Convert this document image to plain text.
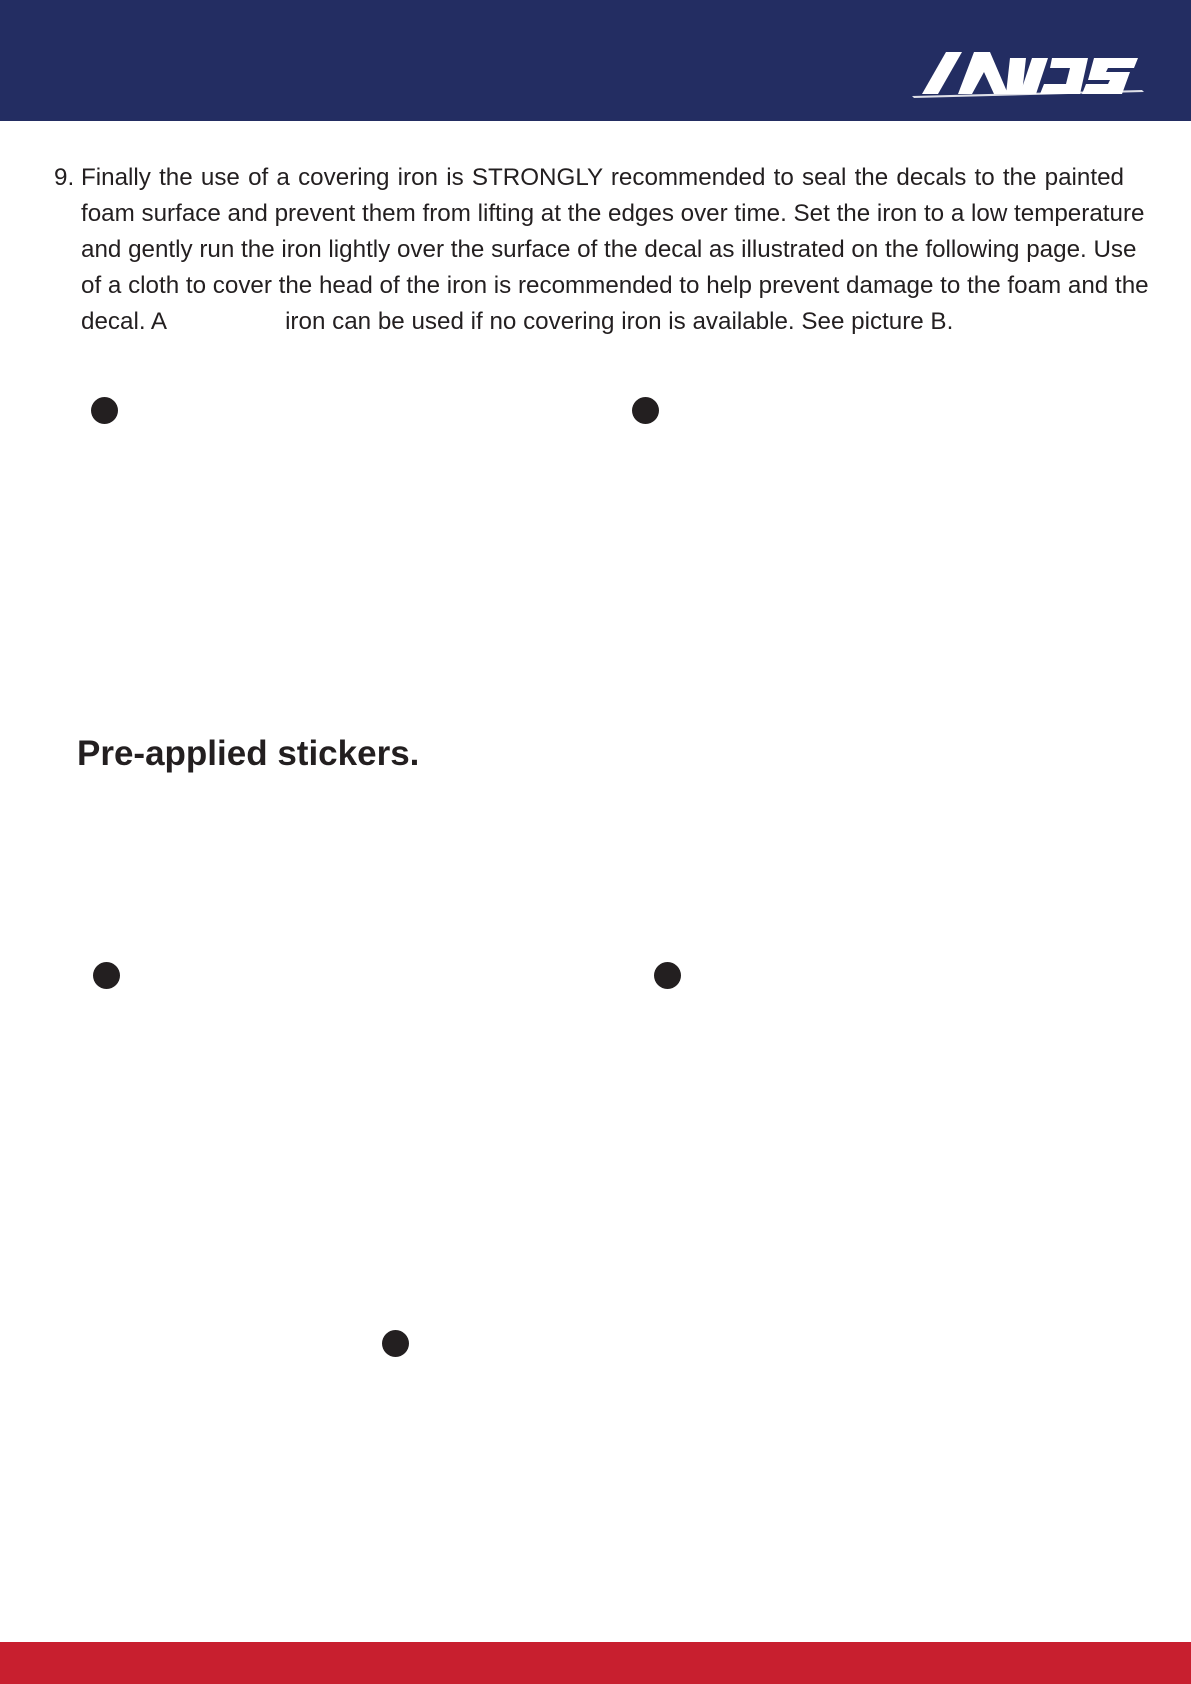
9. Finally the use of a covering iron is STRONGLY recommended to seal the decals to the painted
foam surface and prevent them from lifting at the edges over time. Set the iron to a low temperature
and gently run the iron lightly over the surface of the decal as illustrated on the following page. Use
of a cloth to cover the head of the iron is recommended to help prevent damage to the foam and the
decal. A	iron can be used if no covering iron is available. See picture B.
Pre-applied stickers.
